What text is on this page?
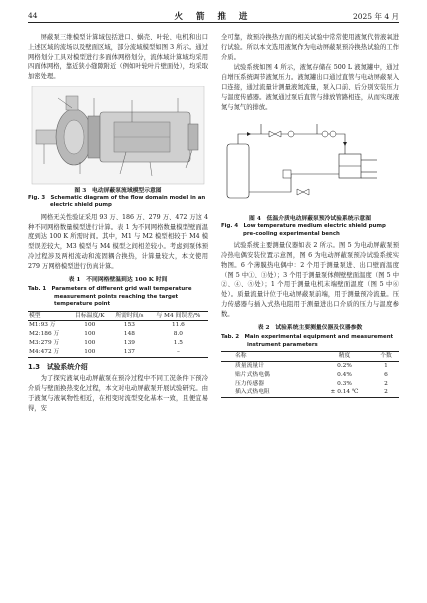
44	火 箭 推 进	2025 年 4 月

屏蔽泵三维模型计算域包括进口、蜗壳、叶轮、电机和出口上述区域的流场以及壁面区域，部分流域模型如图 3 所示。通过网格划分工具对模型进行多面体网格划分，流体域计算域均采用四面体网格，靠近狭小缝隙附近（例如叶轮叶片壁面处），均采取加密处理。

图 3　电动屏蔽泵流域模型示意图
Fig. 3　Schematic diagram of the flow domain model in an electric shield pump

网格无关性验证采用 93 万、186 万、279 万、472 万这 4 种不同网格数量模型进行计算。表 1 为不同网格数量模型壁面温度到达 100 K 所需时间。其中，M1 与 M2 模型相较于 M4 模型误差较大，M3 模型与 M4 模型之间相差较小。考虑到泵体预冷过程涉及两相流动和流固耦合换热，计算量较大，本文使用 279 万网格模型进行仿真计算。

表 1　不同网格壁温到达 100 K 时间
Tab. 1　Parameters of different grid wall temperature measurement points reaching the target temperature point
模型	目标温度/K	所需时间/s	与 M4 间误差/%
M1:93 万	100	153	11.6
M2:186 万	100	148	8.0
M3:279 万	100	139	1.5
M4:472 万	100	137	–
1.3　试验系统介绍

为了探究液氧电动屏蔽泵在预冷过程中不同工况条件下预冷介质与壁面换热变化过程，本文对电动屏蔽泵开展试验研究。由于液氮与液氧物性相近，在相变时流型变化基本一致，且便宜易得，安

全可靠，故预冷换热方面的相关试验中常常使用液氮代替液氧进行试验。所以本文选用液氮作为电动屏蔽泵预冷换热试验的工作介质。

试验系统如图 4 所示，液氮存储在 500 L 液氮罐中，通过自增压系统调节液氮压力。液氮罐出口通过直管与电动屏蔽泵入口连接，通过流量计测量液氮流量，泵入口前、后分别安装压力与温度传感器。液氮通过泵后直管与排放管路相连，从而实现液氮与氮气的排放。

图 4　低温介质电动屏蔽泵预冷试验系统示意图
Fig. 4　Low temperature medium electric shield pump pre-cooling experimental bench

试验系统主要测量仪器如表 2 所示。图 5 为电动屏蔽泵预冷热电偶安装位置示意图，图 6 为电动屏蔽泵预冷试验系统实物图。6 个薄膜热电偶中：2 个用于测量泵进、出口壁面温度（图 5 中①、③处）；3 个用于测量泵体侧壁壁面温度（图 5 中②、④、⑤处）；1 个用于测量电机末端壁面温度（图 5 中⑥处）。质量流量计位于电动屏蔽泵前端，用于测量预冷流量。压力传感器与插入式热电阻用于测量进出口介质的压力与温度参数。

表 2　试验系统主要测量仪器及仪器参数
Tab. 2　Main experimental equipment and measurement instrument parameters
名称	精度	个数
质量流量计	0.2%	1
贴片式热电偶	0.4%	6
压力传感器	0.3%	2
插入式热电阻	± 0.14 ℃	2
